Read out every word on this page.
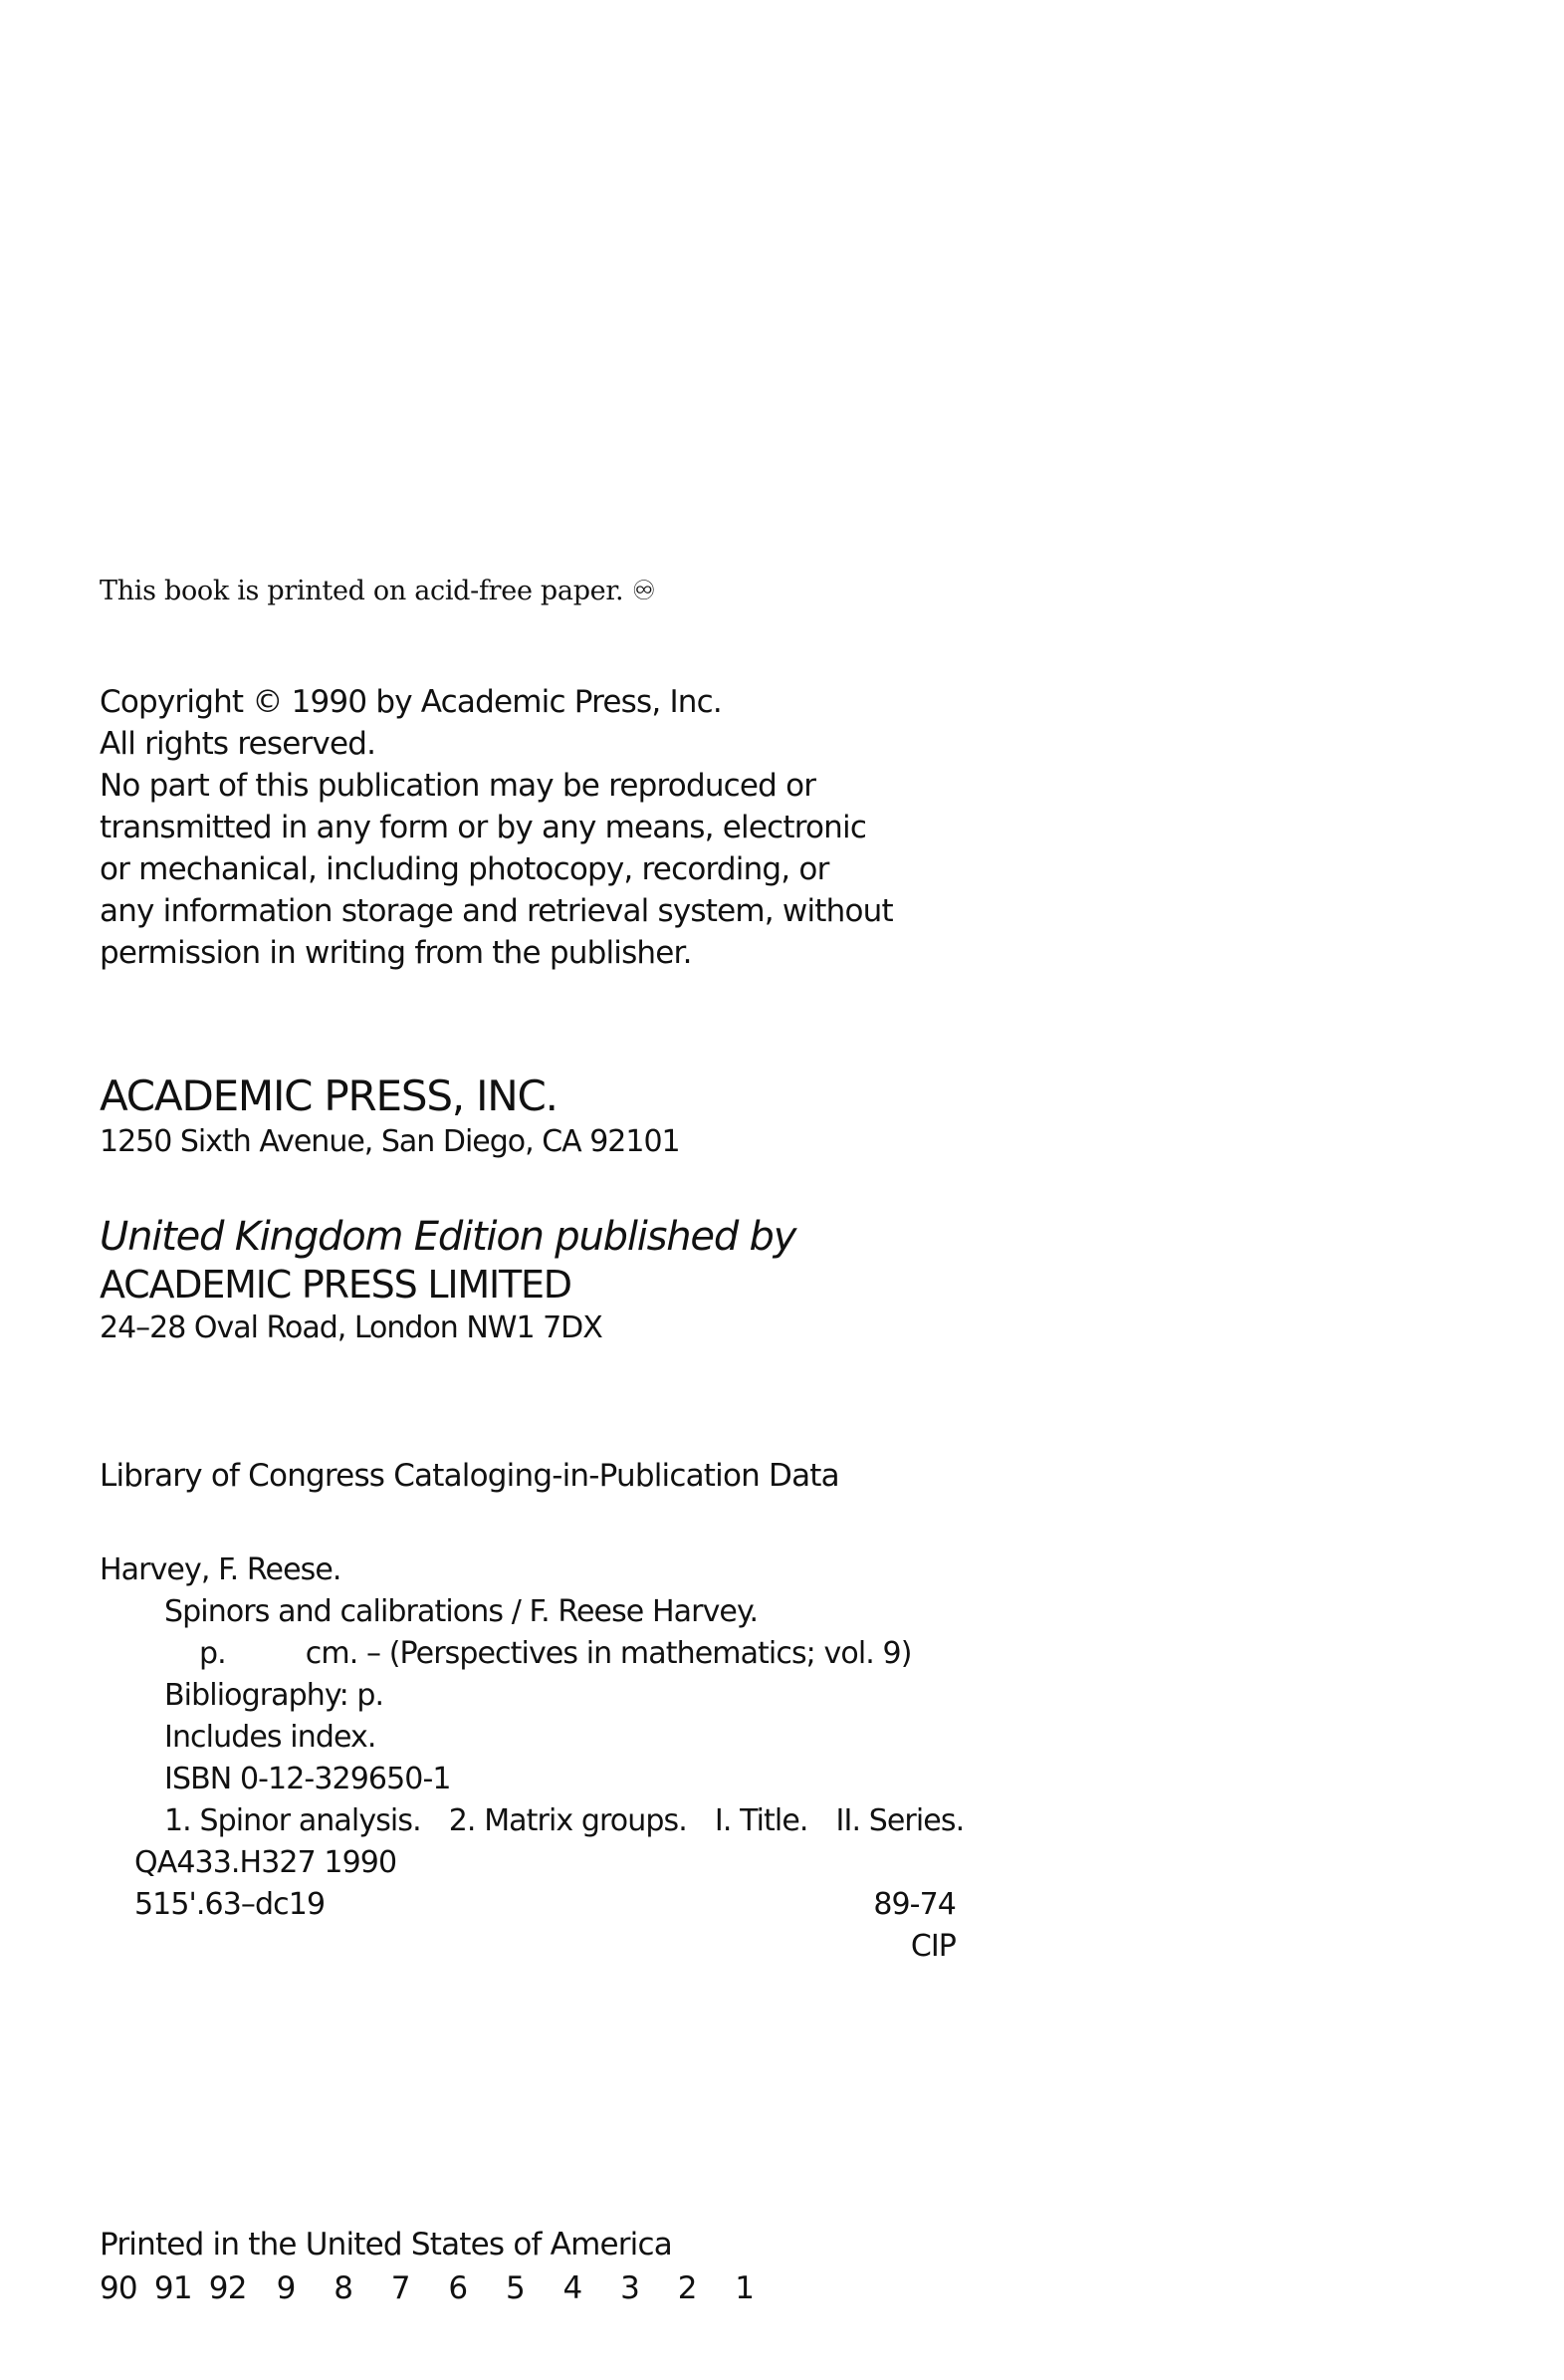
This book is printed on acid-free paper. ♾
Copyright © 1990 by Academic Press, Inc.
All rights reserved.
No part of this publication may be reproduced or
transmitted in any form or by any means, electronic
or mechanical, including photocopy, recording, or
any information storage and retrieval system, without
permission in writing from the publisher.
ACADEMIC PRESS, INC.
1250 Sixth Avenue, San Diego, CA 92101
United Kingdom Edition published by
ACADEMIC PRESS LIMITED
24–28 Oval Road, London NW1 7DX
Library of Congress Cataloging-in-Publication Data
Harvey, F. Reese.
Spinors and calibrations / F. Reese Harvey.
p.	cm. – (Perspectives in mathematics; vol. 9)
Bibliography: p.
Includes index.
ISBN 0-12-329650-1
1. Spinor analysis. 2. Matrix groups. I. Title. II. Series.
QA433.H327 1990
515'.63–dc19	89-74
CIP
Printed in the United States of America
90 91 92 9 8 7 6 5 4 3 2 1
